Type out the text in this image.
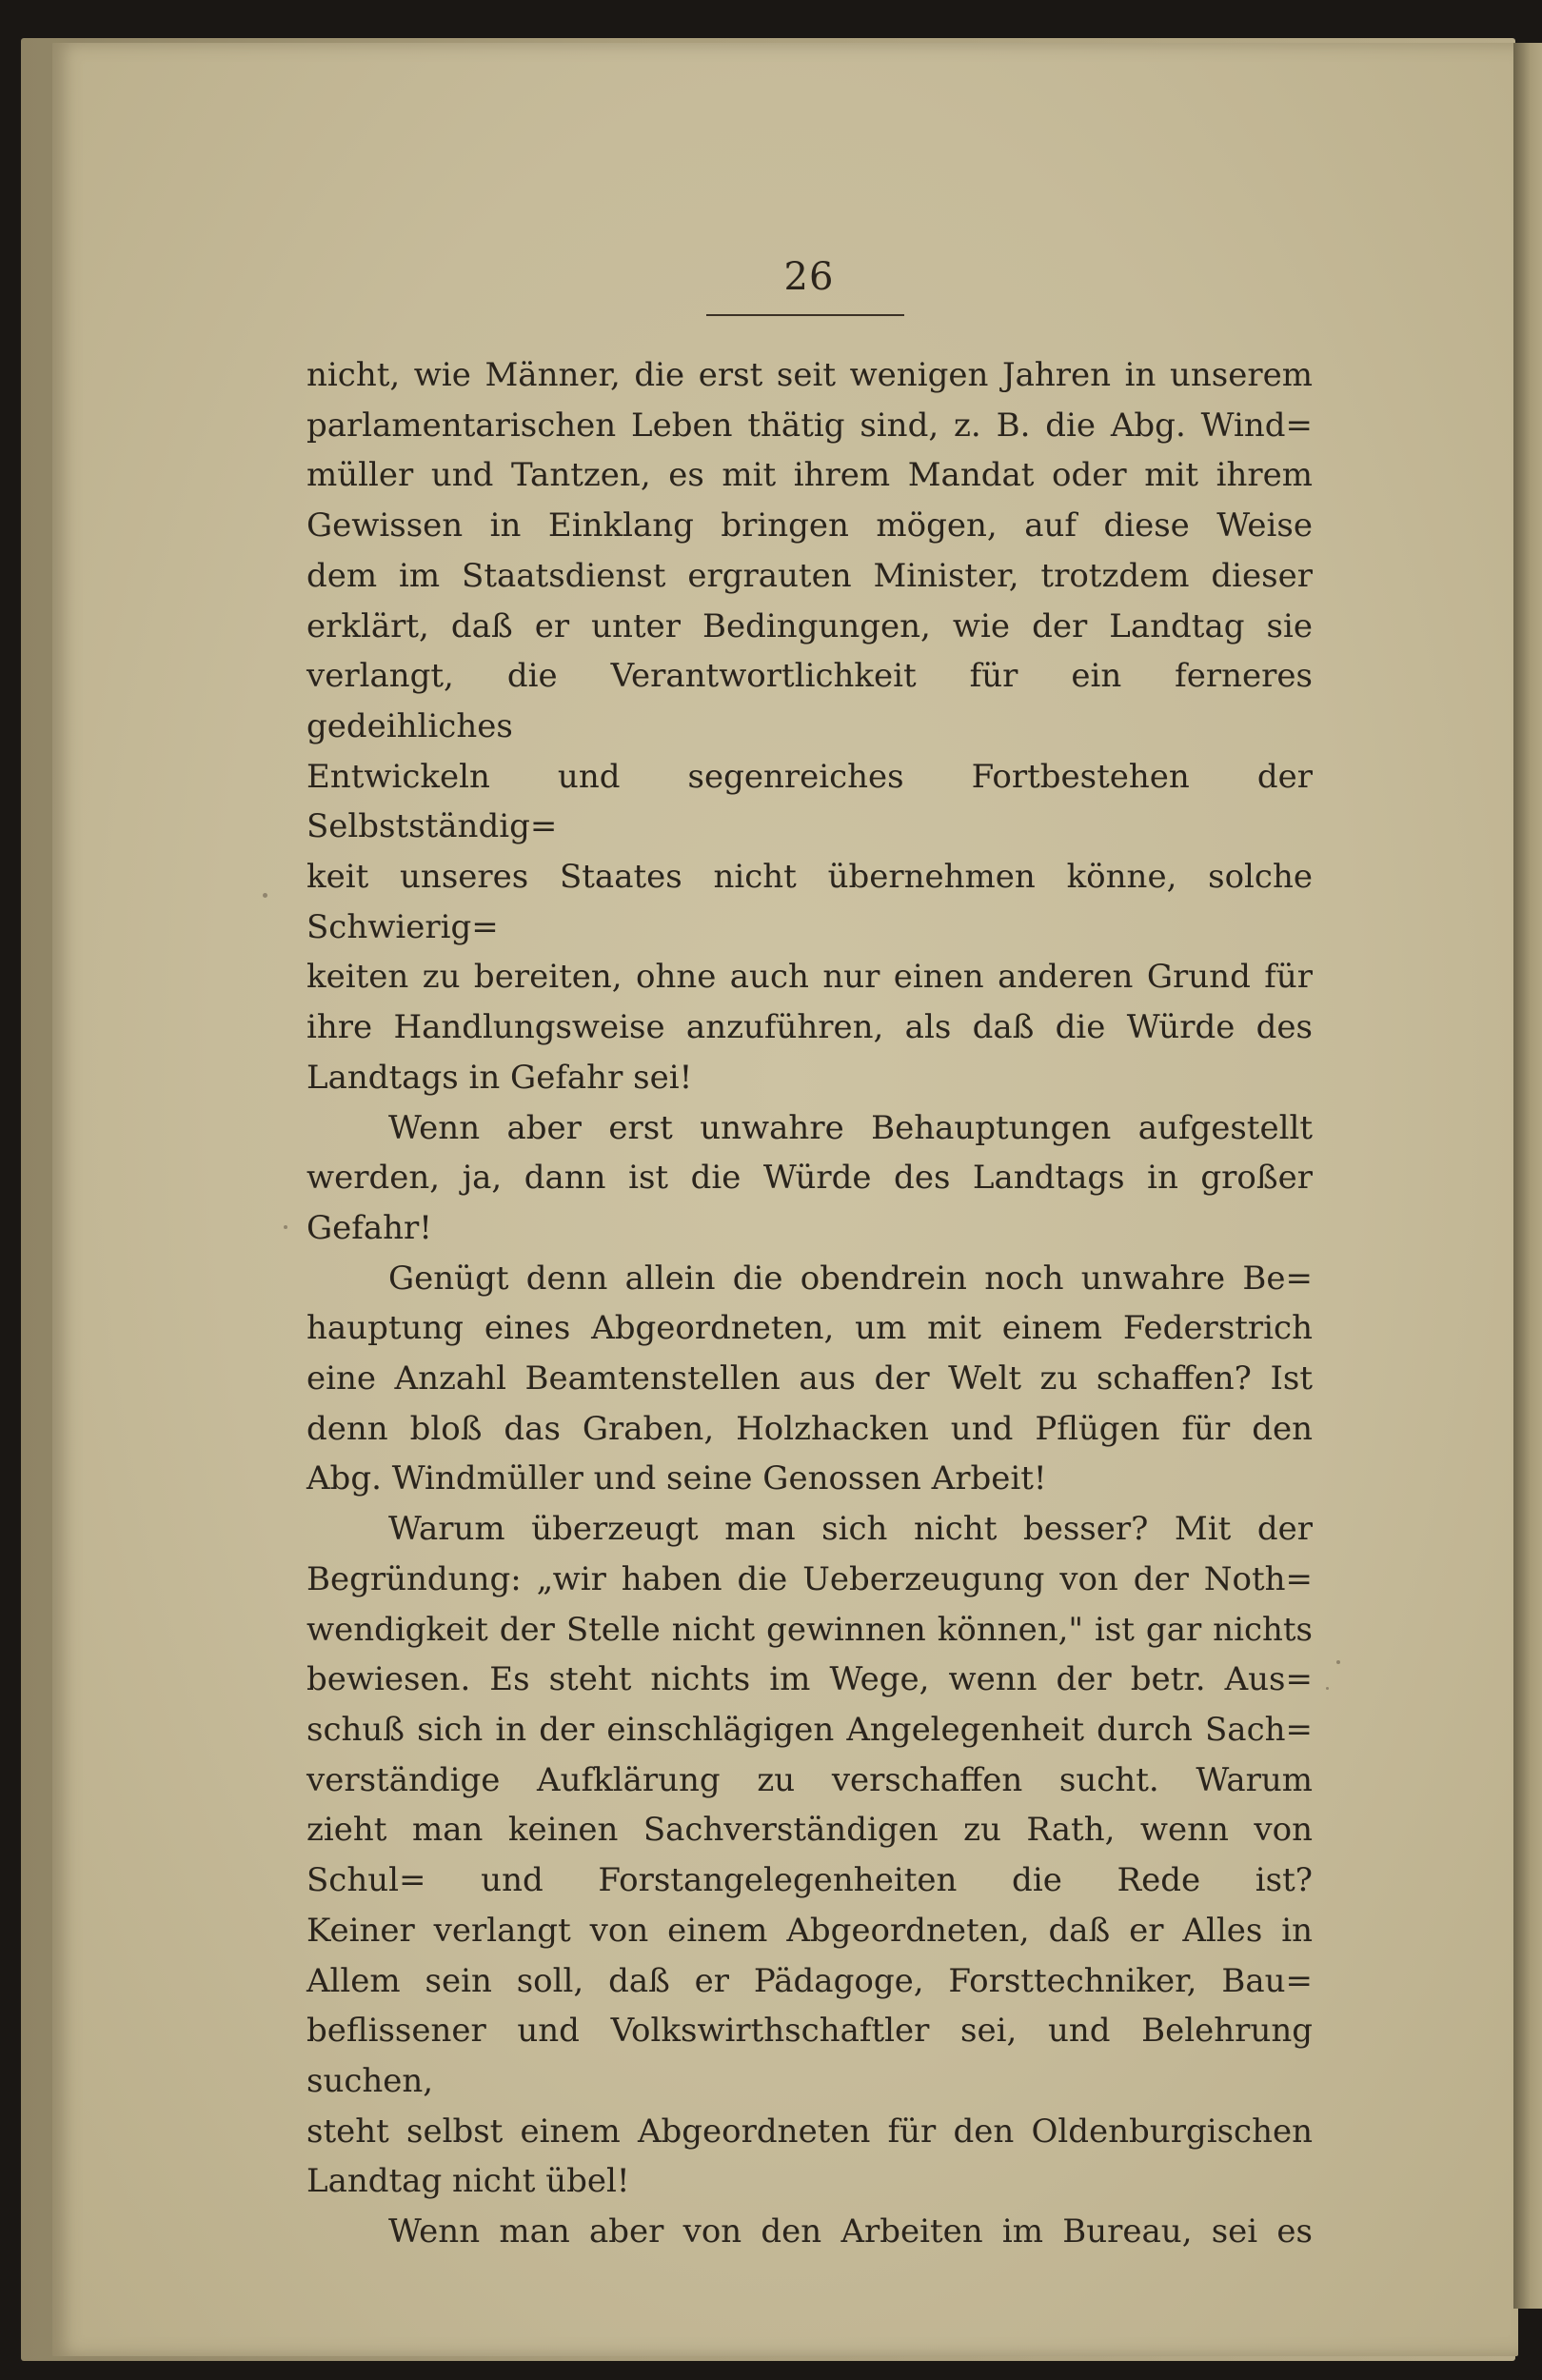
26

nicht, wie Männer, die erst seit wenigen Jahren in unserem

parlamentarischen Leben thätig sind, z. B. die Abg. Wind=

müller und Tantzen, es mit ihrem Mandat oder mit ihrem

Gewissen in Einklang bringen mögen, auf diese Weise

dem im Staatsdienst ergrauten Minister, trotzdem dieser

erklärt, daß er unter Bedingungen, wie der Landtag sie

verlangt, die Verantwortlichkeit für ein ferneres gedeihliches

Entwickeln und segenreiches Fortbestehen der Selbstständig=

keit unseres Staates nicht übernehmen könne, solche Schwierig=

keiten zu bereiten, ohne auch nur einen anderen Grund für

ihre Handlungsweise anzuführen, als daß die Würde des

Landtags in Gefahr sei!

Wenn aber erst unwahre Behauptungen aufgestellt

werden, ja, dann ist die Würde des Landtags in großer

Gefahr!

Genügt denn allein die obendrein noch unwahre Be=

hauptung eines Abgeordneten, um mit einem Federstrich

eine Anzahl Beamtenstellen aus der Welt zu schaffen? Ist

denn bloß das Graben, Holzhacken und Pflügen für den

Abg. Windmüller und seine Genossen Arbeit!

Warum überzeugt man sich nicht besser? Mit der

Begründung: „wir haben die Ueberzeugung von der Noth=

wendigkeit der Stelle nicht gewinnen können," ist gar nichts

bewiesen. Es steht nichts im Wege, wenn der betr. Aus=

schuß sich in der einschlägigen Angelegenheit durch Sach=

verständige Aufklärung zu verschaffen sucht. Warum

zieht man keinen Sachverständigen zu Rath, wenn von

Schul= und Forstangelegenheiten die Rede ist?

Keiner verlangt von einem Abgeordneten, daß er Alles in

Allem sein soll, daß er Pädagoge, Forsttechniker, Bau=

beflissener und Volkswirthschaftler sei, und Belehrung suchen,

steht selbst einem Abgeordneten für den Oldenburgischen

Landtag nicht übel!

Wenn man aber von den Arbeiten im Bureau, sei es
